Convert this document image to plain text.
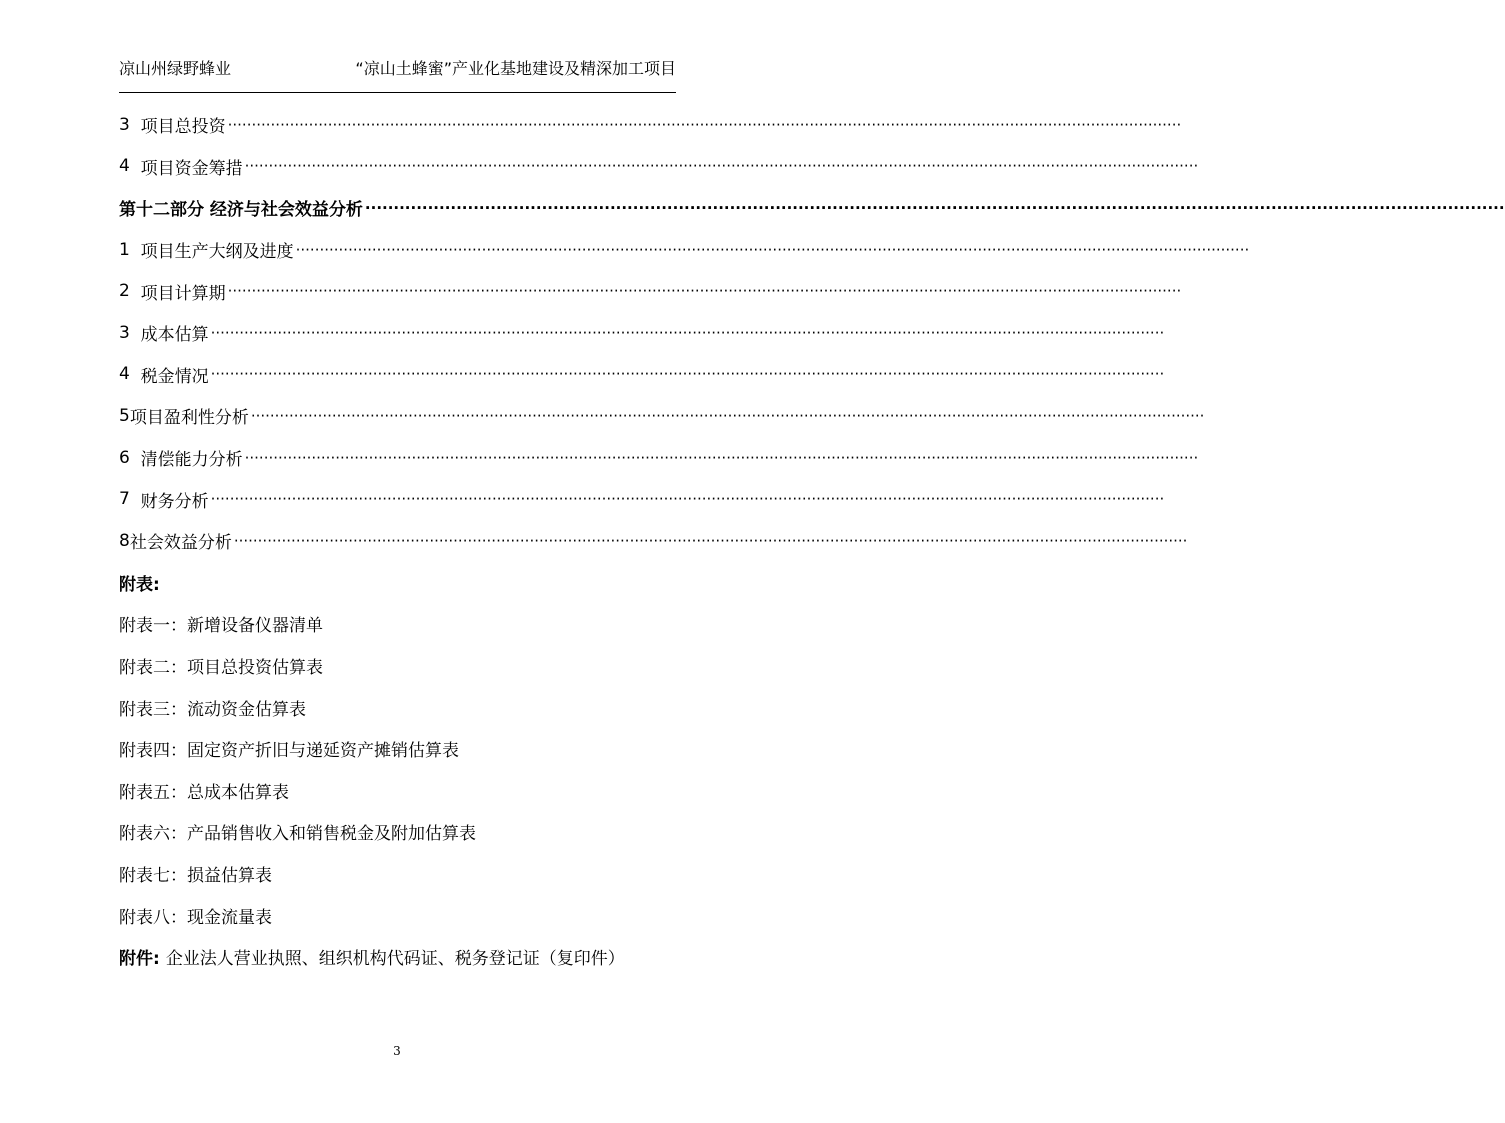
凉山州绿野蜂业	“凉山土蜂蜜”产业化基地建设及精深加工项目
3 项目总投资 ········································································································································································································
4 项目资金筹措 ········································································································································································································
第十二部分 经济与社会效益分析 ········································································································································································································
1 项目生产大纲及进度 ········································································································································································································
2 项目计算期 ········································································································································································································
3 成本估算 ········································································································································································································
4 税金情况 ········································································································································································································
5 项目盈利性分析 ········································································································································································································
6 清偿能力分析 ········································································································································································································
7 财务分析 ········································································································································································································
8 社会效益分析 ········································································································································································································
附表:
附表一：新增设备仪器清单
附表二：项目总投资估算表
附表三：流动资金估算表
附表四：固定资产折旧与递延资产摊销估算表
附表五：总成本估算表
附表六：产品销售收入和销售税金及附加估算表
附表七：损益估算表
附表八：现金流量表
附件: 企业法人营业执照、组织机构代码证、税务登记证（复印件）
3
